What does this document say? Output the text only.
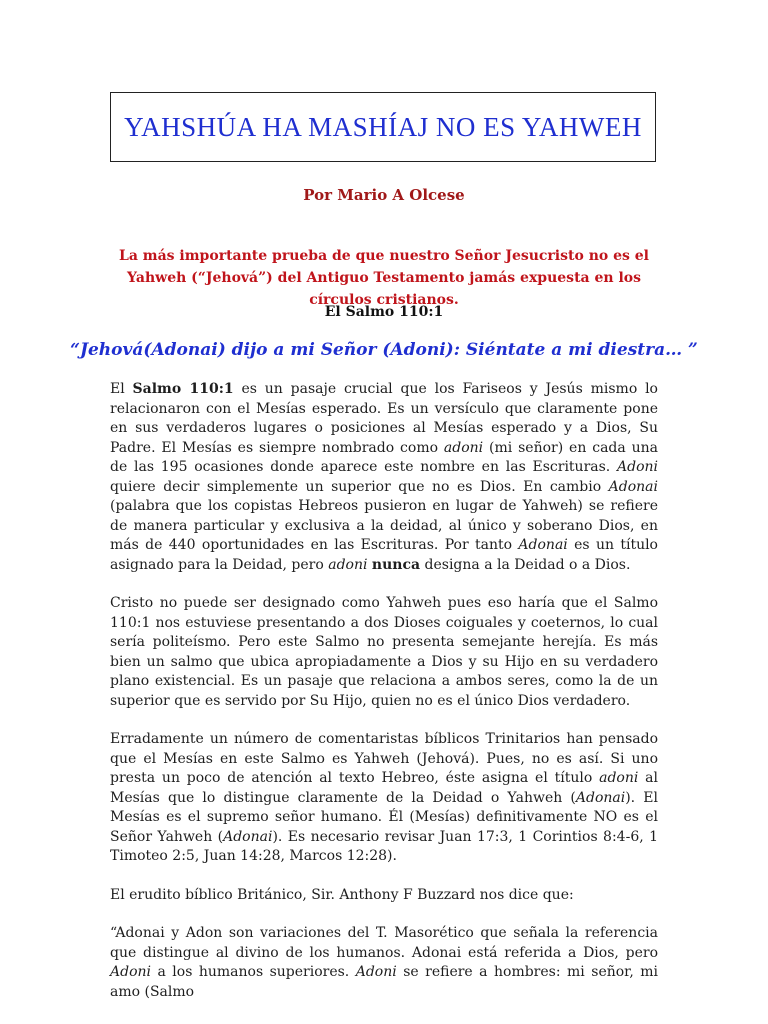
YAHSHÚA HA MASHÍAJ NO ES YAHWEH
Por Mario A Olcese
La más importante prueba de que nuestro Señor Jesucristo no es el Yahweh (“Jehová”) del Antiguo Testamento jamás expuesta en los círculos cristianos.
El Salmo 110:1
“Jehová(Adonai) dijo a mi Señor (Adoni): Siéntate a mi diestra… ”

El Salmo 110:1 es un pasaje crucial que los Fariseos y Jesús mismo lo relacionaron con el Mesías esperado. Es un versículo que claramente pone en sus verdaderos lugares o posiciones al Mesías esperado y a Dios, Su Padre. El Mesías es siempre nombrado como adoni (mi señor) en cada una de las 195 ocasiones donde aparece este nombre en las Escrituras. Adoni quiere decir simplemente un superior que no es Dios. En cambio Adonai (palabra que los copistas Hebreos pusieron en lugar de Yahweh) se refiere de manera particular y exclusiva a la deidad, al único y soberano Dios, en más de 440 oportunidades en las Escrituras. Por tanto Adonai es un título asignado para la Deidad, pero adoni nunca designa a la Deidad o a Dios.

Cristo no puede ser designado como Yahweh pues eso haría que el Salmo 110:1 nos estuviese presentando a dos Dioses coiguales y coeternos, lo cual sería politeísmo. Pero este Salmo no presenta semejante herejía. Es más bien un salmo que ubica apropiadamente a Dios y su Hijo en su verdadero plano existencial. Es un pasaje que relaciona a ambos seres, como la de un superior que es servido por Su Hijo, quien no es el único Dios verdadero.

Erradamente un número de comentaristas bíblicos Trinitarios han pensado que el Mesías en este Salmo es Yahweh (Jehová). Pues, no es así. Si uno presta un poco de atención al texto Hebreo, éste asigna el título adoni al Mesías que lo distingue claramente de la Deidad o Yahweh (Adonai). El Mesías es el supremo señor humano. Él (Mesías) definitivamente NO es el Señor Yahweh (Adonai). Es necesario revisar Juan 17:3, 1 Corintios 8:4-6, 1 Timoteo 2:5, Juan 14:28, Marcos 12:28).

El erudito bíblico Británico, Sir. Anthony F Buzzard nos dice que:

“Adonai y Adon son variaciones del T. Masorético que señala la referencia que distingue al divino de los humanos. Adonai está referida a Dios, pero Adoni a los humanos superiores. Adoni se refiere a hombres: mi señor, mi amo (Salmo
